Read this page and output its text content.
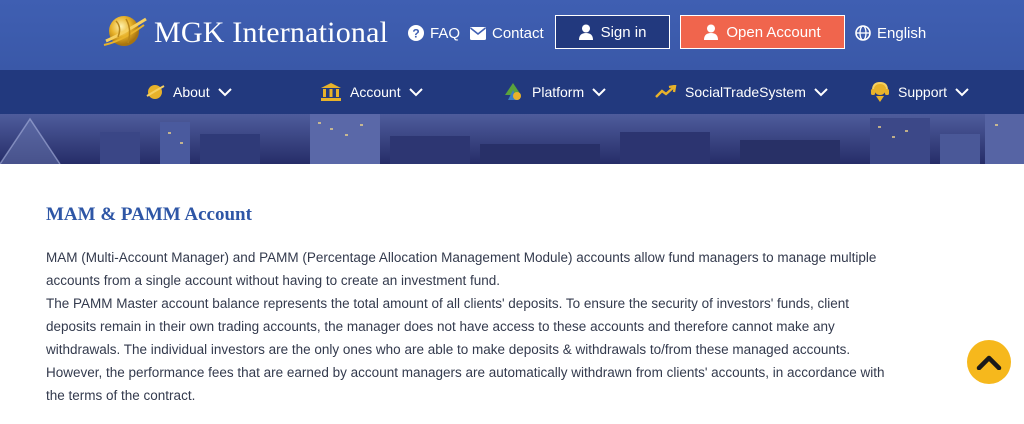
MGK International ? FAQ Contact	Sign in	Open Account	English
About	Account	Platform	SocialTradeSystem	Support
MAM & PAMM Account

MAM (Multi-Account Manager) and PAMM (Percentage Allocation Management Module) accounts allow fund managers to manage multiple

accounts from a single account without having to create an investment fund.

The PAMM Master account balance represents the total amount of all clients' deposits. To ensure the security of investors' funds, client

deposits remain in their own trading accounts, the manager does not have access to these accounts and therefore cannot make any

withdrawals. The individual investors are the only ones who are able to make deposits & withdrawals to/from these managed accounts.

However, the performance fees that are earned by account managers are automatically withdrawn from clients' accounts, in accordance with

the terms of the contract.
